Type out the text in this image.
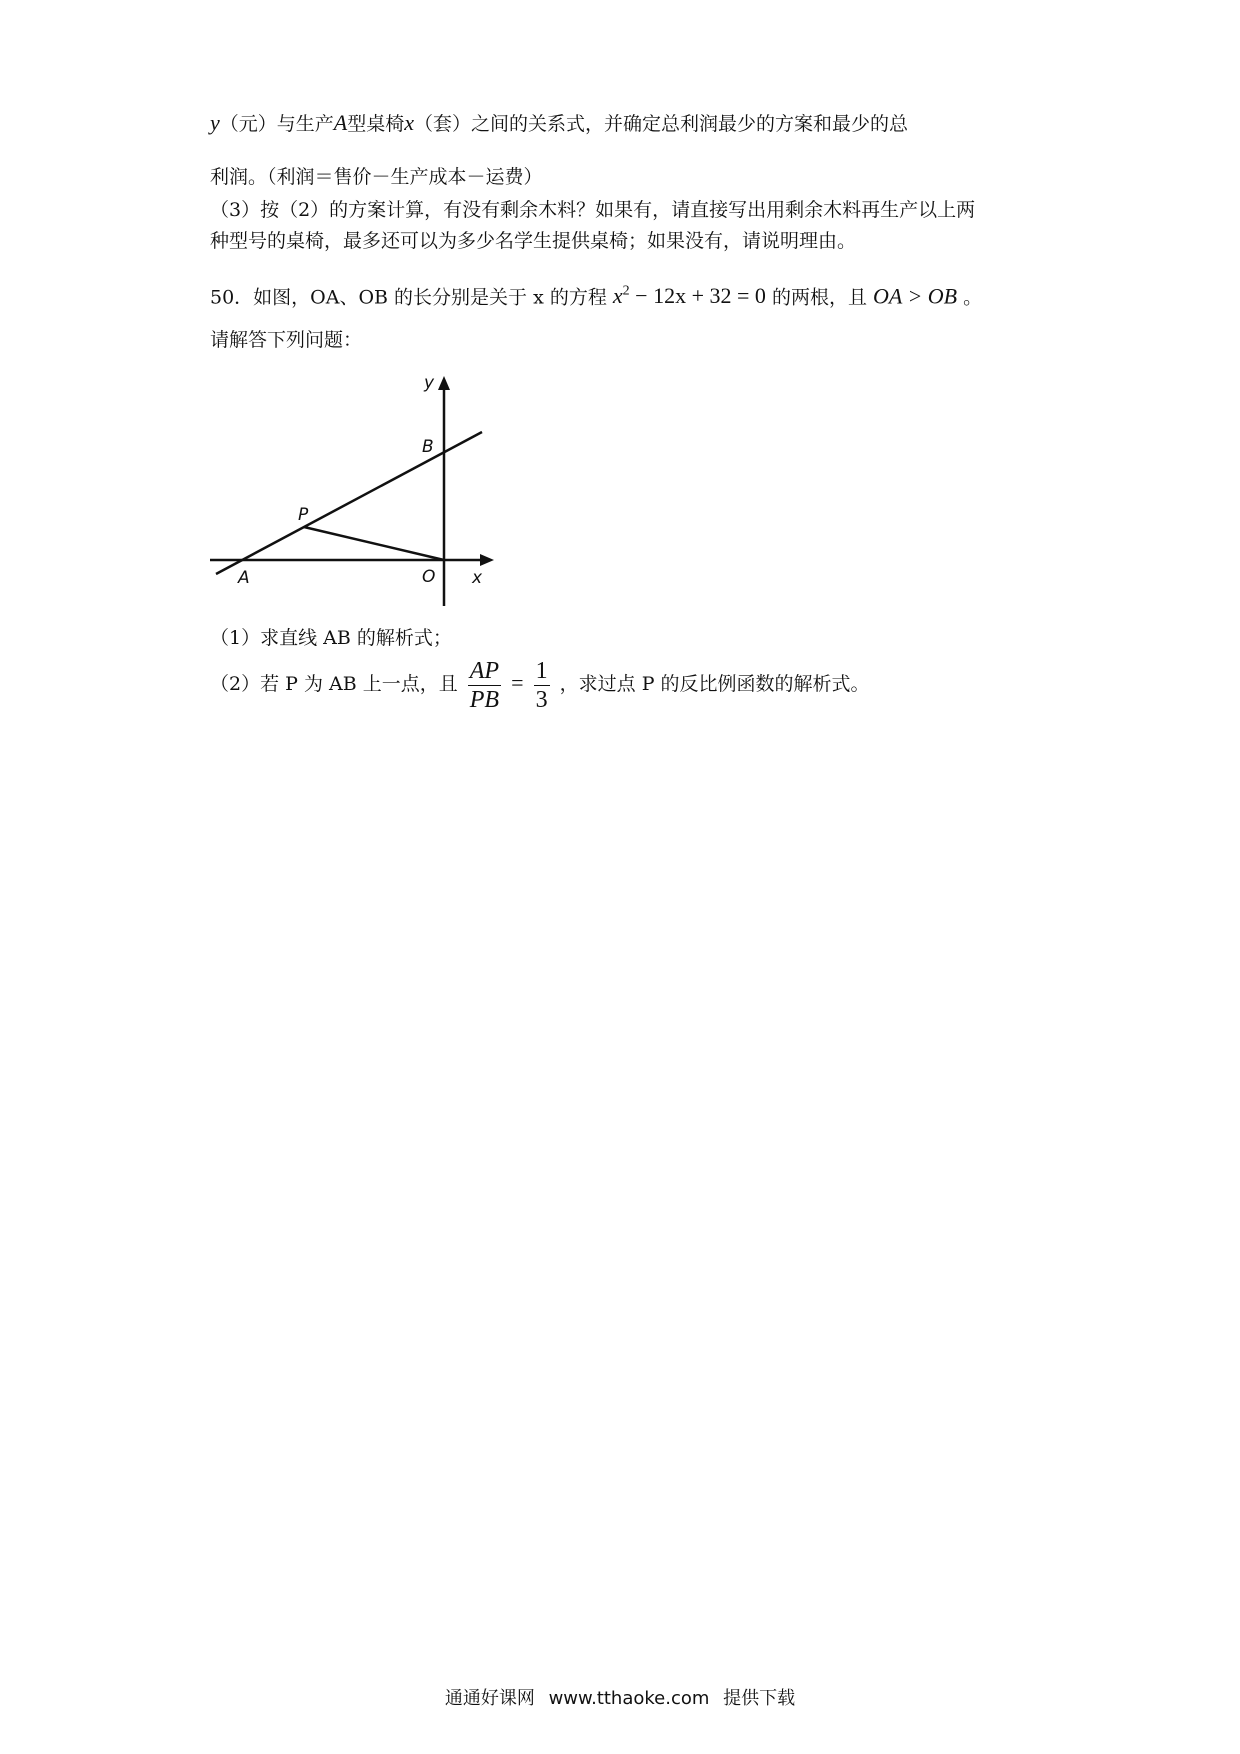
y（元）与生产A型桌椅x（套）之间的关系式，并确定总利润最少的方案和最少的总
利润。（利润＝售价－生产成本－运费）
（3）按（2）的方案计算，有没有剩余木料？如果有，请直接写出用剩余木料再生产以上两
种型号的桌椅，最多还可以为多少名学生提供桌椅；如果没有，请说明理由。
50．如图，OA、OB 的长分别是关于 x 的方程 $x^2 - 12x + 32 = 0$ 的两根，且 OA > OB 。
请解答下列问题：
y
x
A
B
P
O
（1）求直线 AB 的解析式；
（2）若 P 为 AB 上一点，且 $\frac{AP}{PB} = \frac{1}{3}$ ，求过点 P 的反比例函数的解析式。
通通好课网 www.tthaoke.com 提供下载
